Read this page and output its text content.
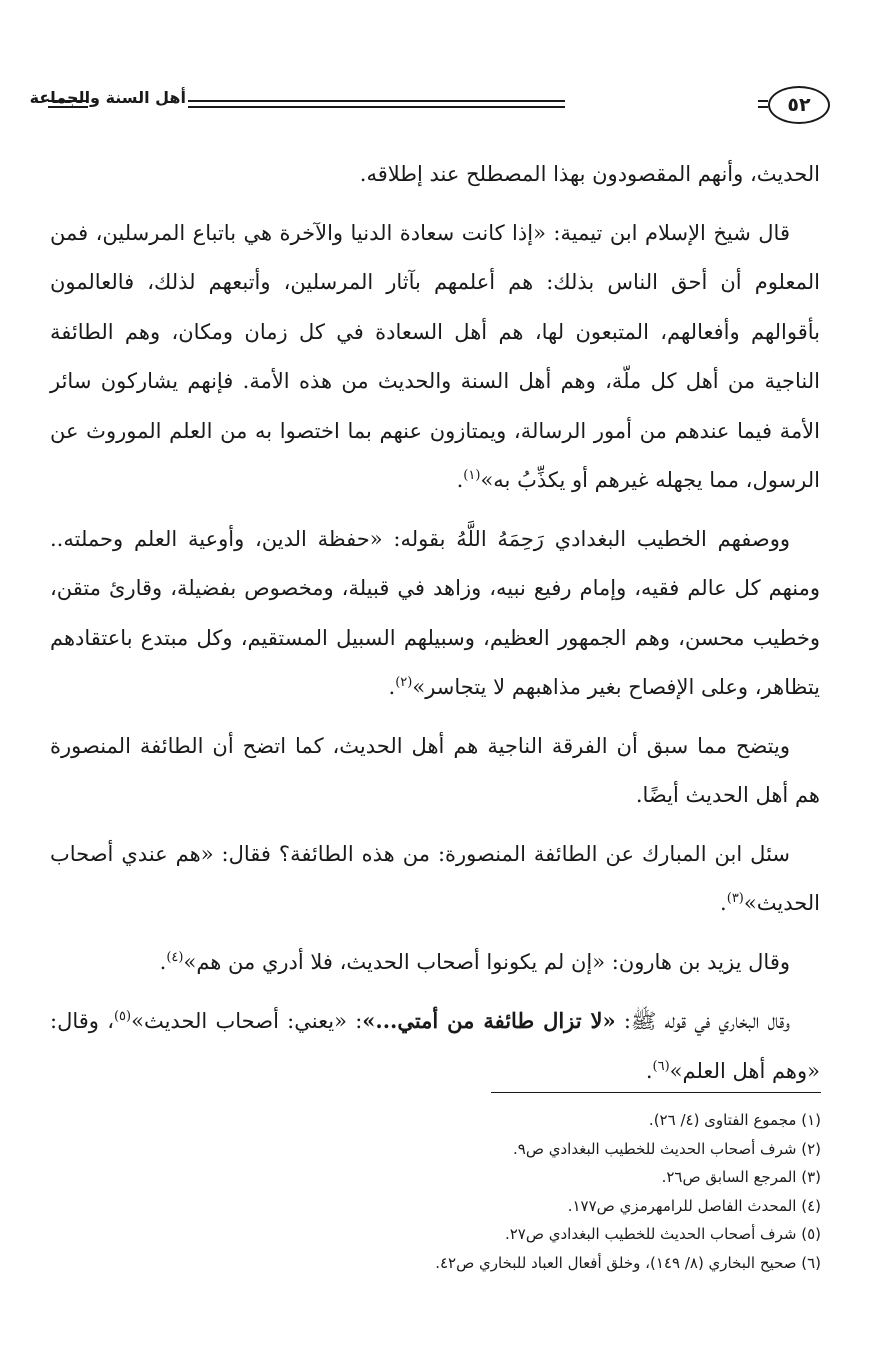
٥٢
أهل السنة والجماعة

الحديث، وأنهم المقصودون بهذا المصطلح عند إطلاقه.

قال شيخ الإسلام ابن تيمية: «إذا كانت سعادة الدنيا والآخرة هي باتباع المرسلين، فمن المعلوم أن أحق الناس بذلك: هم أعلمهم بآثار المرسلين، وأتبعهم لذلك، فالعالمون بأقوالهم وأفعالهم، المتبعون لها، هم أهل السعادة في كل زمان ومكان، وهم الطائفة الناجية من أهل كل ملّة، وهم أهل السنة والحديث من هذه الأمة. فإنهم يشاركون سائر الأمة فيما عندهم من أمور الرسالة، ويمتازون عنهم بما اختصوا به من العلم الموروث عن الرسول، مما يجهله غيرهم أو يكذِّبُ به»$^{(١)}$.

ووصفهم الخطيب البغدادي رَحِمَهُ اللَّهُ بقوله: «حفظة الدين، وأوعية العلم وحملته.. ومنهم كل عالم فقيه، وإمام رفيع نبيه، وزاهد في قبيلة، ومخصوص بفضيلة، وقارئ متقن، وخطيب محسن، وهم الجمهور العظيم، وسبيلهم السبيل المستقيم، وكل مبتدع باعتقادهم يتظاهر، وعلى الإفصاح بغير مذاهبهم لا يتجاسر»$^{(٢)}$.

ويتضح مما سبق أن الفرقة الناجية هم أهل الحديث، كما اتضح أن الطائفة المنصورة هم أهل الحديث أيضًا.

سئل ابن المبارك عن الطائفة المنصورة: من هذه الطائفة؟ فقال: «هم عندي أصحاب الحديث»$^{(٣)}$.

وقال يزيد بن هارون: «إن لم يكونوا أصحاب الحديث، فلا أدري من هم»$^{(٤)}$.

وقال البخاري في قوله ﷺ: «لا تزال طائفة من أمتي...»: «يعني: أصحاب الحديث»$^{(٥)}$، وقال: «وهم أهل العلم»$^{(٦)}$.

(١) مجموع الفتاوى (٤/ ٢٦).
(٢) شرف أصحاب الحديث للخطيب البغدادي ص٩.
(٣) المرجع السابق ص٢٦.
(٤) المحدث الفاصل للرامهرمزي ص١٧٧.
(٥) شرف أصحاب الحديث للخطيب البغدادي ص٢٧.
(٦) صحيح البخاري (٨/ ١٤٩)، وخلق أفعال العباد للبخاري ص٤٢.
